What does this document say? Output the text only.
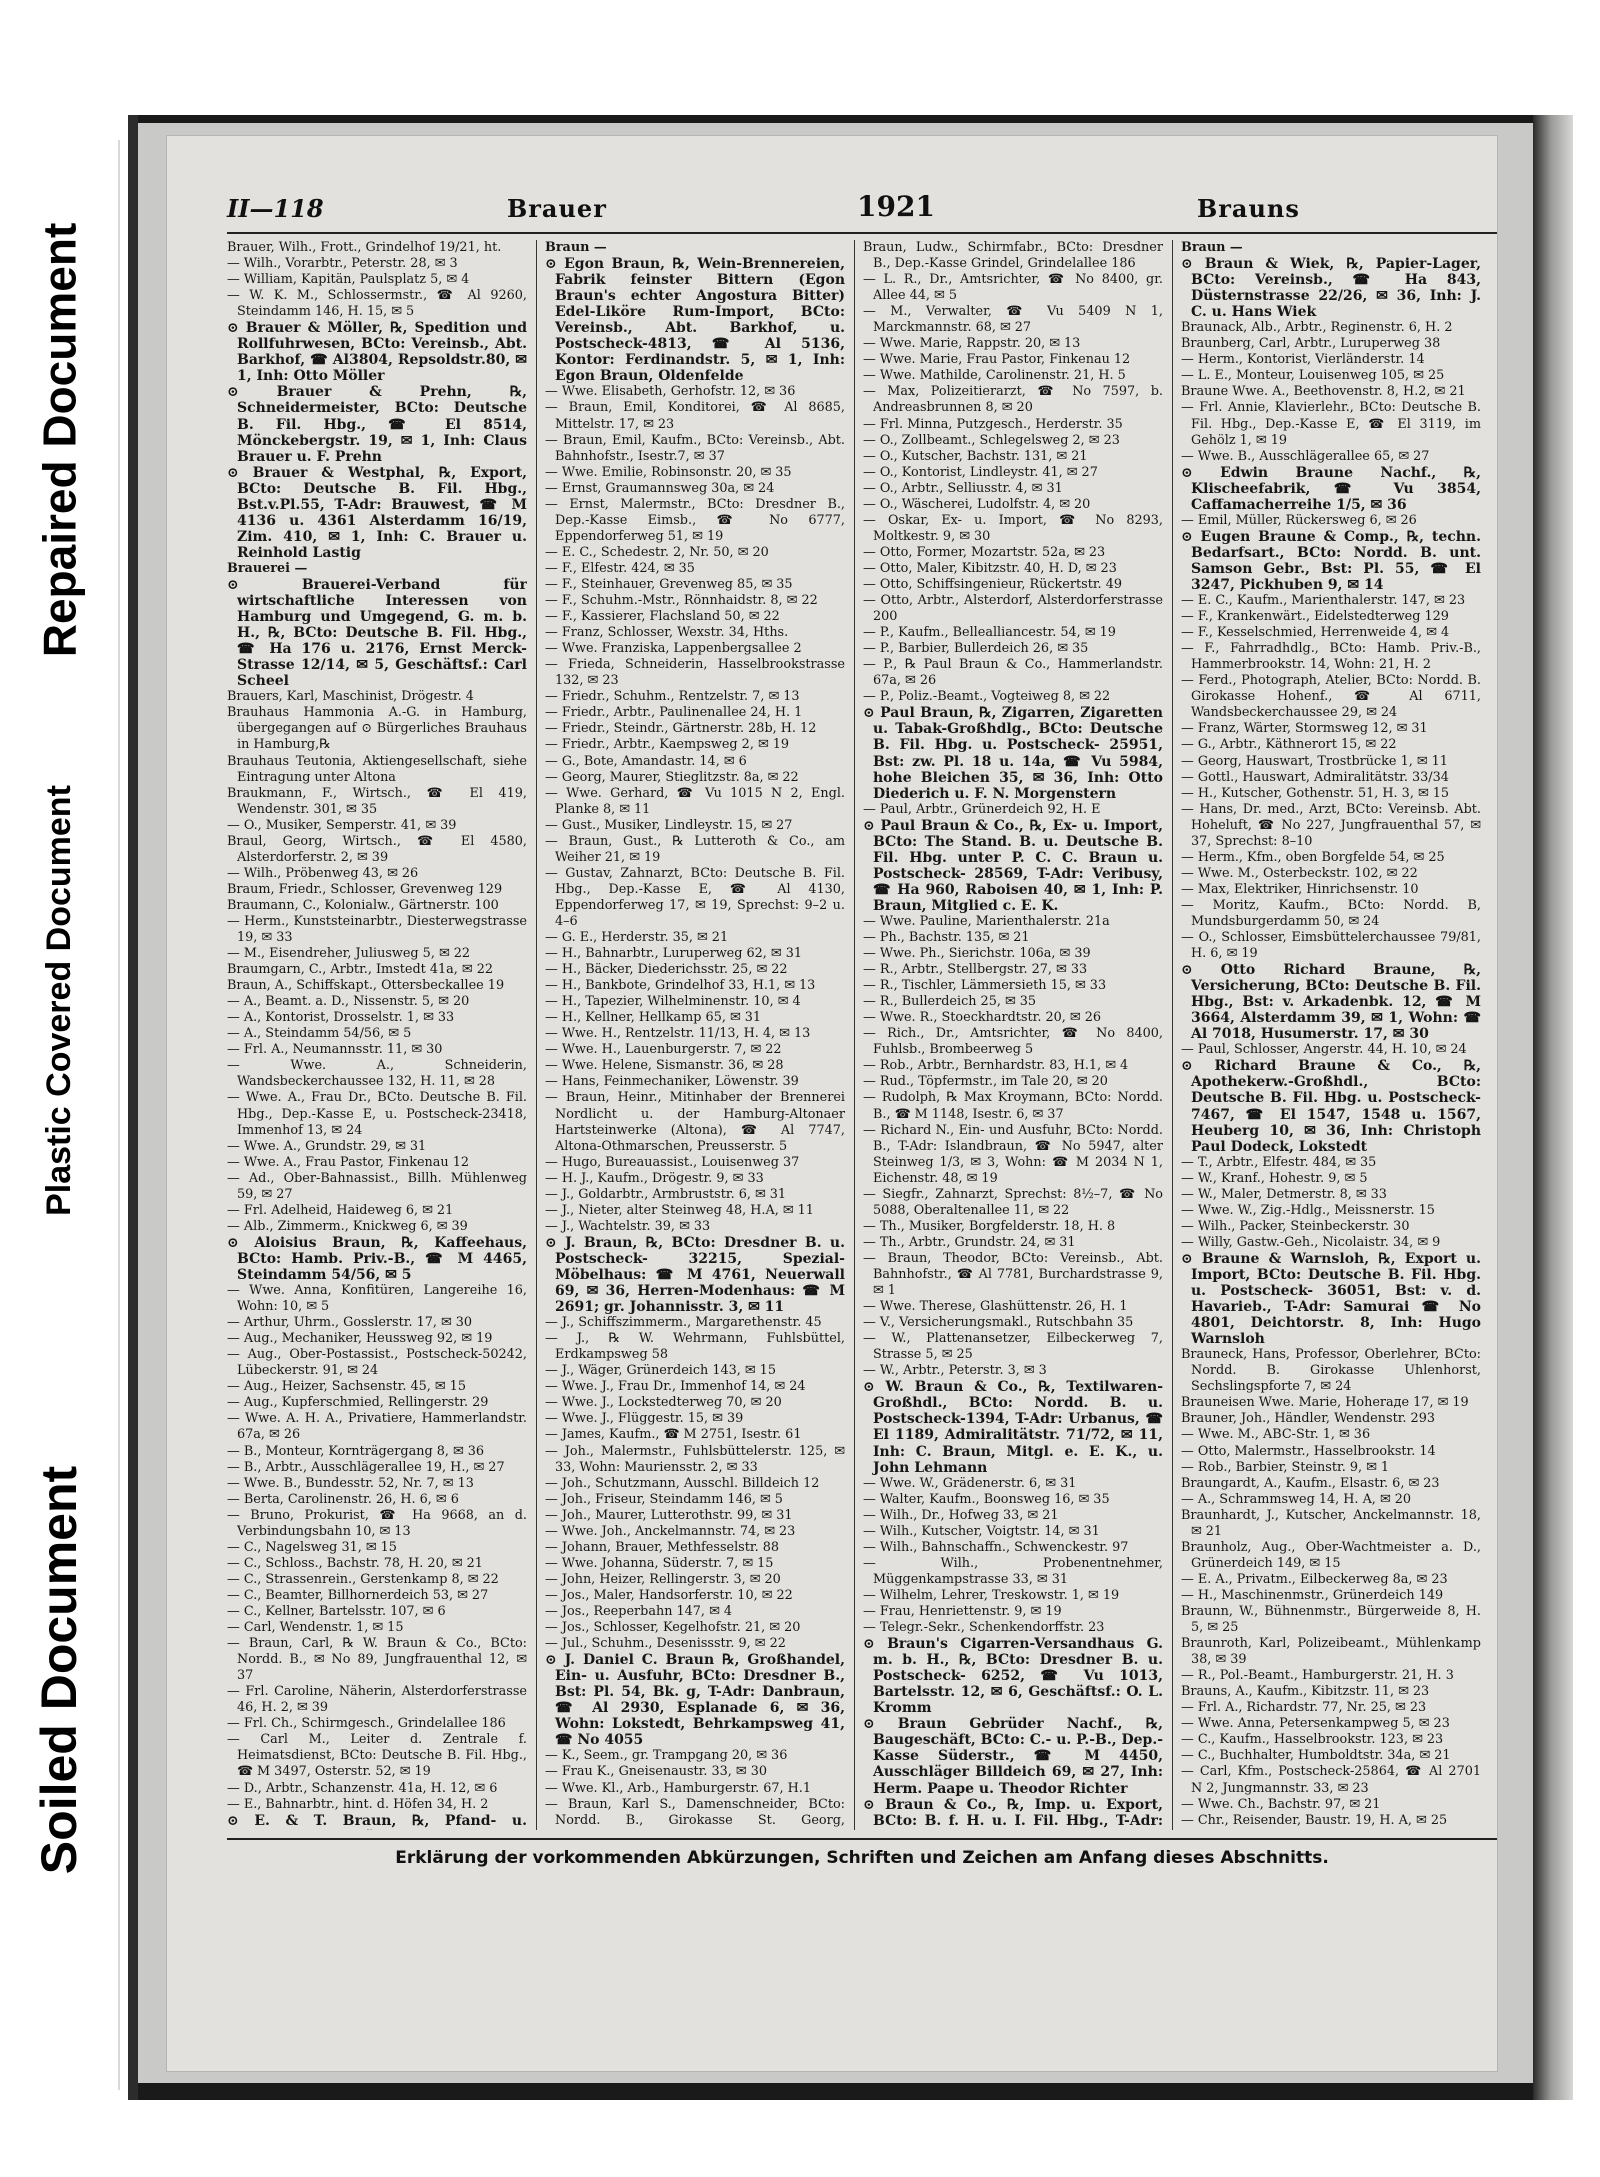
Repaired Document
Plastic Covered Document
Soiled Document
II—118	Brauer	1921	Brauns

Brauer, Wilh., Frott., Grindelhof 19/21, ht.

— Wilh., Vorarbtr., Peterstr. 28, ✉ 3

— William, Kapitän, Paulsplatz 5, ✉ 4

— W. K. M., Schlossermstr., ☎ Al 9260, Steindamm 146, H. 15, ✉ 5

⊙ Brauer & Möller, ℞, Spedition und Rollfuhrwesen, BCto: Vereinsb., Abt. Barkhof, ☎ Al3804, Repsoldstr.80, ✉ 1, Inh: Otto Möller

⊙ Brauer & Prehn, ℞, Schneidermeister, BCto: Deutsche B. Fil. Hbg., ☎ El 8514, Mönckebergstr. 19, ✉ 1, Inh: Claus Brauer u. F. Prehn

⊙ Brauer & Westphal, ℞, Export, BCto: Deutsche B. Fil. Hbg., Bst.v.Pl.55, T-Adr: Brauwest, ☎ M 4136 u. 4361 Alsterdamm 16/19, Zim. 410, ✉ 1, Inh: C. Brauer u. Reinhold Lastig

Brauerei —

⊙ Brauerei-Verband für wirtschaftliche Interessen von Hamburg und Umgegend, G. m. b. H., ℞, BCto: Deutsche B. Fil. Hbg., ☎ Ha 176 u. 2176, Ernst Merck-Strasse 12/14, ✉ 5, Geschäftsf.: Carl Scheel

Brauers, Karl, Maschinist, Drögestr. 4

Brauhaus Hammonia A.-G. in Hamburg, übergegangen auf ⊙ Bürgerliches Brauhaus in Hamburg,℞

Brauhaus Teutonia, Aktiengesellschaft, siehe Eintragung unter Altona

Braukmann, F., Wirtsch., ☎ El 419, Wendenstr. 301, ✉ 35

— O., Musiker, Semperstr. 41, ✉ 39

Braul, Georg, Wirtsch., ☎ El 4580, Alsterdorferstr. 2, ✉ 39

— Wilh., Pröbenweg 43, ✉ 26

Braum, Friedr., Schlosser, Grevenweg 129

Braumann, C., Kolonialw., Gärtnerstr. 100

— Herm., Kunststeinarbtr., Diesterwegstrasse 19, ✉ 33

— M., Eisendreher, Juliusweg 5, ✉ 22

Braumgarn, C., Arbtr., Imstedt 41a, ✉ 22

Braun, A., Schiffskapt., Ottersbeckallee 19

— A., Beamt. a. D., Nissenstr. 5, ✉ 20

— A., Kontorist, Drosselstr. 1, ✉ 33

— A., Steindamm 54/56, ✉ 5

— Frl. A., Neumannsstr. 11, ✉ 30

— Wwe. A., Schneiderin, Wandsbeckerchaussee 132, H. 11, ✉ 28

— Wwe. A., Frau Dr., BCto. Deutsche B. Fil. Hbg., Dep.-Kasse E, u. Postscheck-23418, Immenhof 13, ✉ 24

— Wwe. A., Grundstr. 29, ✉ 31

— Wwe. A., Frau Pastor, Finkenau 12

— Ad., Ober-Bahnassist., Billh. Mühlenweg 59, ✉ 27

— Frl. Adelheid, Haideweg 6, ✉ 21

— Alb., Zimmerm., Knickweg 6, ✉ 39

⊙ Aloisius Braun, ℞, Kaffeehaus, BCto: Hamb. Priv.-B., ☎ M 4465, Steindamm 54/56, ✉ 5

— Wwe. Anna, Konfitüren, Langereihe 16, Wohn: 10, ✉ 5

— Arthur, Uhrm., Gosslerstr. 17, ✉ 30

— Aug., Mechaniker, Heussweg 92, ✉ 19

— Aug., Ober-Postassist., Postscheck-50242, Lübeckerstr. 91, ✉ 24

— Aug., Heizer, Sachsenstr. 45, ✉ 15

— Aug., Kupferschmied, Rellingerstr. 29

— Wwe. A. H. A., Privatiere, Hammerlandstr. 67a, ✉ 26

— B., Monteur, Kornträgergang 8, ✉ 36

— B., Arbtr., Ausschlägerallee 19, H., ✉ 27

— Wwe. B., Bundesstr. 52, Nr. 7, ✉ 13

— Berta, Carolinenstr. 26, H. 6, ✉ 6

— Bruno, Prokurist, ☎ Ha 9668, an d. Verbindungsbahn 10, ✉ 13

— C., Nagelsweg 31, ✉ 15

— C., Schloss., Bachstr. 78, H. 20, ✉ 21

— C., Strassenrein., Gerstenkamp 8, ✉ 22

— C., Beamter, Billhornerdeich 53, ✉ 27

— C., Kellner, Bartelsstr. 107, ✉ 6

— Carl, Wendenstr. 1, ✉ 15

— Braun, Carl, ℞ W. Braun & Co., BCto: Nordd. B., ✉ No 89, Jungfrauenthal 12, ✉ 37

— Frl. Caroline, Näherin, Alsterdorferstrasse 46, H. 2, ✉ 39

— Frl. Ch., Schirmgesch., Grindelallee 186

— Carl M., Leiter d. Zentrale f. Heimatsdienst, BCto: Deutsche B. Fil. Hbg., ☎ M 3497, Osterstr. 52, ✉ 19

— D., Arbtr., Schanzenstr. 41a, H. 12, ✉ 6

— E., Bahnarbtr., hint. d. Höfen 34, H. 2

⊙ E. & T. Braun, ℞, Pfand- u.

Braun —

⊙ Egon Braun, ℞, Wein-Brennereien, Fabrik feinster Bittern (Egon Braun's echter Angostura Bitter) Edel-Liköre Rum-Import, BCto: Vereinsb., Abt. Barkhof, u. Postscheck-4813, ☎ Al 5136, Kontor: Ferdinandstr. 5, ✉ 1, Inh: Egon Braun, Oldenfelde

— Wwe. Elisabeth, Gerhofstr. 12, ✉ 36

— Braun, Emil, Konditorei, ☎ Al 8685, Mittelstr. 17, ✉ 23

— Braun, Emil, Kaufm., BCto: Vereinsb., Abt. Bahnhofstr., Isestr.7, ✉ 37

— Wwe. Emilie, Robinsonstr. 20, ✉ 35

— Ernst, Graumannsweg 30a, ✉ 24

— Ernst, Malermstr., BCto: Dresdner B., Dep.-Kasse Eimsb., ☎ No 6777, Eppendorferweg 51, ✉ 19

— E. C., Schedestr. 2, Nr. 50, ✉ 20

— F., Elfestr. 424, ✉ 35

— F., Steinhauer, Grevenweg 85, ✉ 35

— F., Schuhm.-Mstr., Rönnhaidstr. 8, ✉ 22

— F., Kassierer, Flachsland 50, ✉ 22

— Franz, Schlosser, Wexstr. 34, Hths.

— Wwe. Franziska, Lappenbergsallee 2

— Frieda, Schneiderin, Hasselbrookstrasse 132, ✉ 23

— Friedr., Schuhm., Rentzelstr. 7, ✉ 13

— Friedr., Arbtr., Paulinenallee 24, H. 1

— Friedr., Steindr., Gärtnerstr. 28b, H. 12

— Friedr., Arbtr., Kaempsweg 2, ✉ 19

— G., Bote, Amandastr. 14, ✉ 6

— Georg, Maurer, Stieglitzstr. 8a, ✉ 22

— Wwe. Gerhard, ☎ Vu 1015 N 2, Engl. Planke 8, ✉ 11

— Gust., Musiker, Lindleystr. 15, ✉ 27

— Braun, Gust., ℞ Lutteroth & Co., am Weiher 21, ✉ 19

— Gustav, Zahnarzt, BCto: Deutsche B. Fil. Hbg., Dep.-Kasse E, ☎ Al 4130, Eppendorferweg 17, ✉ 19, Sprechst: 9–2 u. 4–6

— G. E., Herderstr. 35, ✉ 21

— H., Bahnarbtr., Luruperweg 62, ✉ 31

— H., Bäcker, Diederichsstr. 25, ✉ 22

— H., Bankbote, Grindelhof 33, H.1, ✉ 13

— H., Tapezier, Wilhelminenstr. 10, ✉ 4

— H., Kellner, Hellkamp 65, ✉ 31

— Wwe. H., Rentzelstr. 11/13, H. 4, ✉ 13

— Wwe. H., Lauenburgerstr. 7, ✉ 22

— Wwe. Helene, Sismanstr. 36, ✉ 28

— Hans, Feinmechaniker, Löwenstr. 39

— Braun, Heinr., Mitinhaber der Brennerei Nordlicht u. der Hamburg-Altonaer Hartsteinwerke (Altona), ☎ Al 7747, Altona-Othmarschen, Preusserstr. 5

— Hugo, Bureauassist., Louisenweg 37

— H. J., Kaufm., Drögestr. 9, ✉ 33

— J., Goldarbtr., Armbruststr. 6, ✉ 31

— J., Nieter, alter Steinweg 48, H.A, ✉ 11

— J., Wachtelstr. 39, ✉ 33

⊙ J. Braun, ℞, BCto: Dresdner B. u. Postscheck- 32215, Spezial-Möbelhaus: ☎ M 4761, Neuerwall 69, ✉ 36, Herren-Modenhaus: ☎ M 2691; gr. Johannisstr. 3, ✉ 11

— J., Schiffszimmerm., Margarethenstr. 45

— J., ℞ W. Wehrmann, Fuhlsbüttel, Erdkampsweg 58

— J., Wäger, Grünerdeich 143, ✉ 15

— Wwe. J., Frau Dr., Immenhof 14, ✉ 24

— Wwe. J., Lockstedterweg 70, ✉ 20

— Wwe. J., Flüggestr. 15, ✉ 39

— James, Kaufm., ☎ M 2751, Isestr. 61

— Joh., Malermstr., Fuhlsbüttelerstr. 125, ✉ 33, Wohn: Mauriensstr. 2, ✉ 33

— Joh., Schutzmann, Ausschl. Billdeich 12

— Joh., Friseur, Steindamm 146, ✉ 5

— Joh., Maurer, Lutterothstr. 99, ✉ 31

— Wwe. Joh., Anckelmannstr. 74, ✉ 23

— Johann, Brauer, Methfesselstr. 88

— Wwe. Johanna, Süderstr. 7, ✉ 15

— John, Heizer, Rellingerstr. 3, ✉ 20

— Jos., Maler, Handsorferstr. 10, ✉ 22

— Jos., Reeperbahn 147, ✉ 4

— Jos., Schlosser, Kegelhofstr. 21, ✉ 20

— Jul., Schuhm., Desenissstr. 9, ✉ 22

⊙ J. Daniel C. Braun ℞, Großhandel, Ein- u. Ausfuhr, BCto: Dresdner B., Bst: Pl. 54, Bk. g, T-Adr: Danbraun, ☎ Al 2930, Esplanade 6, ✉ 36, Wohn: Lokstedt, Behrkampsweg 41, ☎ No 4055

— K., Seem., gr. Trampgang 20, ✉ 36

— Frau K., Gneisenaustr. 33, ✉ 30

— Wwe. Kl., Arb., Hamburgerstr. 67, H.1

— Braun, Karl S., Damenschneider, BCto: Nordd. B., Girokasse St. Georg,

Braun, Ludw., Schirmfabr., BCto: Dresdner B., Dep.-Kasse Grindel, Grindelallee 186

— L. R., Dr., Amtsrichter, ☎ No 8400, gr. Allee 44, ✉ 5

— M., Verwalter, ☎ Vu 5409 N 1, Marckmannstr. 68, ✉ 27

— Wwe. Marie, Rappstr. 20, ✉ 13

— Wwe. Marie, Frau Pastor, Finkenau 12

— Wwe. Mathilde, Carolinenstr. 21, H. 5

— Max, Polizeitierarzt, ☎ No 7597, b. Andreasbrunnen 8, ✉ 20

— Frl. Minna, Putzgesch., Herderstr. 35

— O., Zollbeamt., Schlegelsweg 2, ✉ 23

— O., Kutscher, Bachstr. 131, ✉ 21

— O., Kontorist, Lindleystr. 41, ✉ 27

— O., Arbtr., Selliusstr. 4, ✉ 31

— O., Wäscherei, Ludolfstr. 4, ✉ 20

— Oskar, Ex- u. Import, ☎ No 8293, Moltkestr. 9, ✉ 30

— Otto, Former, Mozartstr. 52a, ✉ 23

— Otto, Maler, Kibitzstr. 40, H. D, ✉ 23

— Otto, Schiffsingenieur, Rückertstr. 49

— Otto, Arbtr., Alsterdorf, Alsterdorferstrasse 200

— P., Kaufm., Bellealliancestr. 54, ✉ 19

— P., Barbier, Bullerdeich 26, ✉ 35

— P., ℞ Paul Braun & Co., Hammerlandstr. 67a, ✉ 26

— P., Poliz.-Beamt., Vogteiweg 8, ✉ 22

⊙ Paul Braun, ℞, Zigarren, Zigaretten u. Tabak-Großhdlg., BCto: Deutsche B. Fil. Hbg. u. Postscheck- 25951, Bst: zw. Pl. 18 u. 14a, ☎ Vu 5984, hohe Bleichen 35, ✉ 36, Inh: Otto Diederich u. F. N. Morgenstern

— Paul, Arbtr., Grünerdeich 92, H. E

⊙ Paul Braun & Co., ℞, Ex- u. Import, BCto: The Stand. B. u. Deutsche B. Fil. Hbg. unter P. C. C. Braun u. Postscheck- 28569, T-Adr: Veribusy, ☎ Ha 960, Raboisen 40, ✉ 1, Inh: P. Braun, Mitglied c. E. K.

— Wwe. Pauline, Marienthalerstr. 21a

— Ph., Bachstr. 135, ✉ 21

— Wwe. Ph., Sierichstr. 106a, ✉ 39

— R., Arbtr., Stellbergstr. 27, ✉ 33

— R., Tischler, Lämmersieth 15, ✉ 33

— R., Bullerdeich 25, ✉ 35

— Wwe. R., Stoeckhardtstr. 20, ✉ 26

— Rich., Dr., Amtsrichter, ☎ No 8400, Fuhlsb., Brombeerweg 5

— Rob., Arbtr., Bernhardstr. 83, H.1, ✉ 4

— Rud., Töpfermstr., im Tale 20, ✉ 20

— Rudolph, ℞ Max Kroymann, BCto: Nordd. B., ☎ M 1148, Isestr. 6, ✉ 37

— Richard N., Ein- und Ausfuhr, BCto: Nordd. B., T-Adr: Islandbraun, ☎ No 5947, alter Steinweg 1/3, ✉ 3, Wohn: ☎ M 2034 N 1, Eichenstr. 48, ✉ 19

— Siegfr., Zahnarzt, Sprechst: 8½–7, ☎ No 5088, Oberaltenallee 11, ✉ 22

— Th., Musiker, Borgfelderstr. 18, H. 8

— Th., Arbtr., Grundstr. 24, ✉ 31

— Braun, Theodor, BCto: Vereinsb., Abt. Bahnhofstr., ☎ Al 7781, Burchardstrasse 9, ✉ 1

— Wwe. Therese, Glashüttenstr. 26, H. 1

— V., Versicherungsmakl., Rutschbahn 35

— W., Plattenansetzer, Eilbeckerweg 7, Strasse 5, ✉ 25

— W., Arbtr., Peterstr. 3, ✉ 3

⊙ W. Braun & Co., ℞, Textilwaren-Großhdl., BCto: Nordd. B. u. Postscheck-1394, T-Adr: Urbanus, ☎ El 1189, Admiralitätstr. 71/72, ✉ 11, Inh: C. Braun, Mitgl. e. E. K., u. John Lehmann

— Wwe. W., Grädenerstr. 6, ✉ 31

— Walter, Kaufm., Boonsweg 16, ✉ 35

— Wilh., Dr., Hofweg 33, ✉ 21

— Wilh., Kutscher, Voigtstr. 14, ✉ 31

— Wilh., Bahnschaffn., Schwenckestr. 97

— Wilh., Probenentnehmer, Müggenkampstrasse 33, ✉ 31

— Wilhelm, Lehrer, Treskowstr. 1, ✉ 19

— Frau, Henriettenstr. 9, ✉ 19

— Telegr.-Sekr., Schenkendorffstr. 23

⊙ Braun's Cigarren-Versandhaus G. m. b. H., ℞, BCto: Dresdner B. u. Postscheck- 6252, ☎ Vu 1013, Bartelsstr. 12, ✉ 6, Geschäftsf.: O. L. Kromm

⊙ Braun Gebrüder Nachf., ℞, Baugeschäft, BCto: C.- u. P.-B., Dep.-Kasse Süderstr., ☎ M 4450, Ausschläger Billdeich 69, ✉ 27, Inh: Herm. Paape u. Theodor Richter

⊙ Braun & Co., ℞, Imp. u. Export, BCto: B. f. H. u. I. Fil. Hbg., T-Adr:

Braun —

⊙ Braun & Wiek, ℞, Papier-Lager, BCto: Vereinsb., ☎ Ha 843, Düsternstrasse 22/26, ✉ 36, Inh: J. C. u. Hans Wiek

Braunack, Alb., Arbtr., Reginenstr. 6, H. 2

Braunberg, Carl, Arbtr., Luruperweg 38

— Herm., Kontorist, Vierländerstr. 14

— L. E., Monteur, Louisenweg 105, ✉ 25

Braune Wwe. A., Beethovenstr. 8, H.2, ✉ 21

— Frl. Annie, Klavierlehr., BCto: Deutsche B. Fil. Hbg., Dep.-Kasse E, ☎ El 3119, im Gehölz 1, ✉ 19

— Wwe. B., Ausschlägerallee 65, ✉ 27

⊙ Edwin Braune Nachf., ℞, Klischeefabrik, ☎ Vu 3854, Caffamacherreihe 1/5, ✉ 36

— Emil, Müller, Rückersweg 6, ✉ 26

⊙ Eugen Braune & Comp., ℞, techn. Bedarfsart., BCto: Nordd. B. unt. Samson Gebr., Bst: Pl. 55, ☎ El 3247, Pickhuben 9, ✉ 14

— E. C., Kaufm., Marienthalerstr. 147, ✉ 23

— F., Krankenwärt., Eidelstedterweg 129

— F., Kesselschmied, Herrenweide 4, ✉ 4

— F., Fahrradhdlg., BCto: Hamb. Priv.-B., Hammerbrookstr. 14, Wohn: 21, H. 2

— Ferd., Photograph, Atelier, BCto: Nordd. B. Girokasse Hohenf., ☎ Al 6711, Wandsbeckerchaussee 29, ✉ 24

— Franz, Wärter, Stormsweg 12, ✉ 31

— G., Arbtr., Käthnerort 15, ✉ 22

— Georg, Hauswart, Trostbrücke 1, ✉ 11

— Gottl., Hauswart, Admiralitätstr. 33/34

— H., Kutscher, Gothenstr. 51, H. 3, ✉ 15

— Hans, Dr. med., Arzt, BCto: Vereinsb. Abt. Hoheluft, ☎ No 227, Jungfrauenthal 57, ✉ 37, Sprechst: 8–10

— Herm., Kfm., oben Borgfelde 54, ✉ 25

— Wwe. M., Osterbeckstr. 102, ✉ 22

— Max, Elektriker, Hinrichsenstr. 10

— Moritz, Kaufm., BCto: Nordd. B, Mundsburgerdamm 50, ✉ 24

— O., Schlosser, Eimsbüttelerchaussee 79/81, H. 6, ✉ 19

⊙ Otto Richard Braune, ℞, Versicherung, BCto: Deutsche B. Fil. Hbg., Bst: v. Arkadenbk. 12, ☎ M 3664, Alsterdamm 39, ✉ 1, Wohn: ☎ Al 7018, Husumerstr. 17, ✉ 30

— Paul, Schlosser, Angerstr. 44, H. 10, ✉ 24

⊙ Richard Braune & Co., ℞, Apothekerw.-Großhdl., BCto: Deutsche B. Fil. Hbg. u. Postscheck-7467, ☎ El 1547, 1548 u. 1567, Heuberg 10, ✉ 36, Inh: Christoph Paul Dodeck, Lokstedt

— T., Arbtr., Elfestr. 484, ✉ 35

— W., Kranf., Hohestr. 9, ✉ 5

— W., Maler, Detmerstr. 8, ✉ 33

— Wwe. W., Zig.-Hdlg., Meissnerstr. 15

— Wilh., Packer, Steinbeckerstr. 30

— Willy, Gastw.-Geh., Nicolaistr. 34, ✉ 9

⊙ Braune & Warnsloh, ℞, Export u. Import, BCto: Deutsche B. Fil. Hbg. u. Postscheck- 36051, Bst: v. d. Havarieb., T-Adr: Samurai ☎ No 4801, Deichtorstr. 8, Inh: Hugo Warnsloh

Brauneck, Hans, Professor, Oberlehrer, BCto: Nordd. B. Girokasse Uhlenhorst, Sechslingspforte 7, ✉ 24

Brauneisen Wwe. Marie, Hoheraде 17, ✉ 19

Brauner, Joh., Händler, Wendenstr. 293

— Wwe. M., ABC-Str. 1, ✉ 36

— Otto, Malermstr., Hasselbrookstr. 14

— Rob., Barbier, Steinstr. 9, ✉ 1

Braungardt, A., Kaufm., Elsastr. 6, ✉ 23

— A., Schrammsweg 14, H. A, ✉ 20

Braunhardt, J., Kutscher, Anckelmannstr. 18, ✉ 21

Braunholz, Aug., Ober-Wachtmeister a. D., Grünerdeich 149, ✉ 15

— E. A., Privatm., Eilbeckerweg 8a, ✉ 23

— H., Maschinenmstr., Grünerdeich 149

Braunn, W., Bühnenmstr., Bürgerweide 8, H. 5, ✉ 25

Braunroth, Karl, Polizeibeamt., Mühlenkamp 38, ✉ 39

— R., Pol.-Beamt., Hamburgerstr. 21, H. 3

Brauns, A., Kaufm., Kibitzstr. 11, ✉ 23

— Frl. A., Richardstr. 77, Nr. 25, ✉ 23

— Wwe. Anna, Petersenkampweg 5, ✉ 23

— C., Kaufm., Hasselbrookstr. 123, ✉ 23

— C., Buchhalter, Humboldtstr. 34a, ✉ 21

— Carl, Kfm., Postscheck-25864, ☎ Al 2701 N 2, Jungmannstr. 33, ✉ 23

— Wwe. Ch., Bachstr. 97, ✉ 21

— Chr., Reisender, Baustr. 19, H. A, ✉ 25

Erklärung der vorkommenden Abkürzungen, Schriften und Zeichen am Anfang dieses Abschnitts.
